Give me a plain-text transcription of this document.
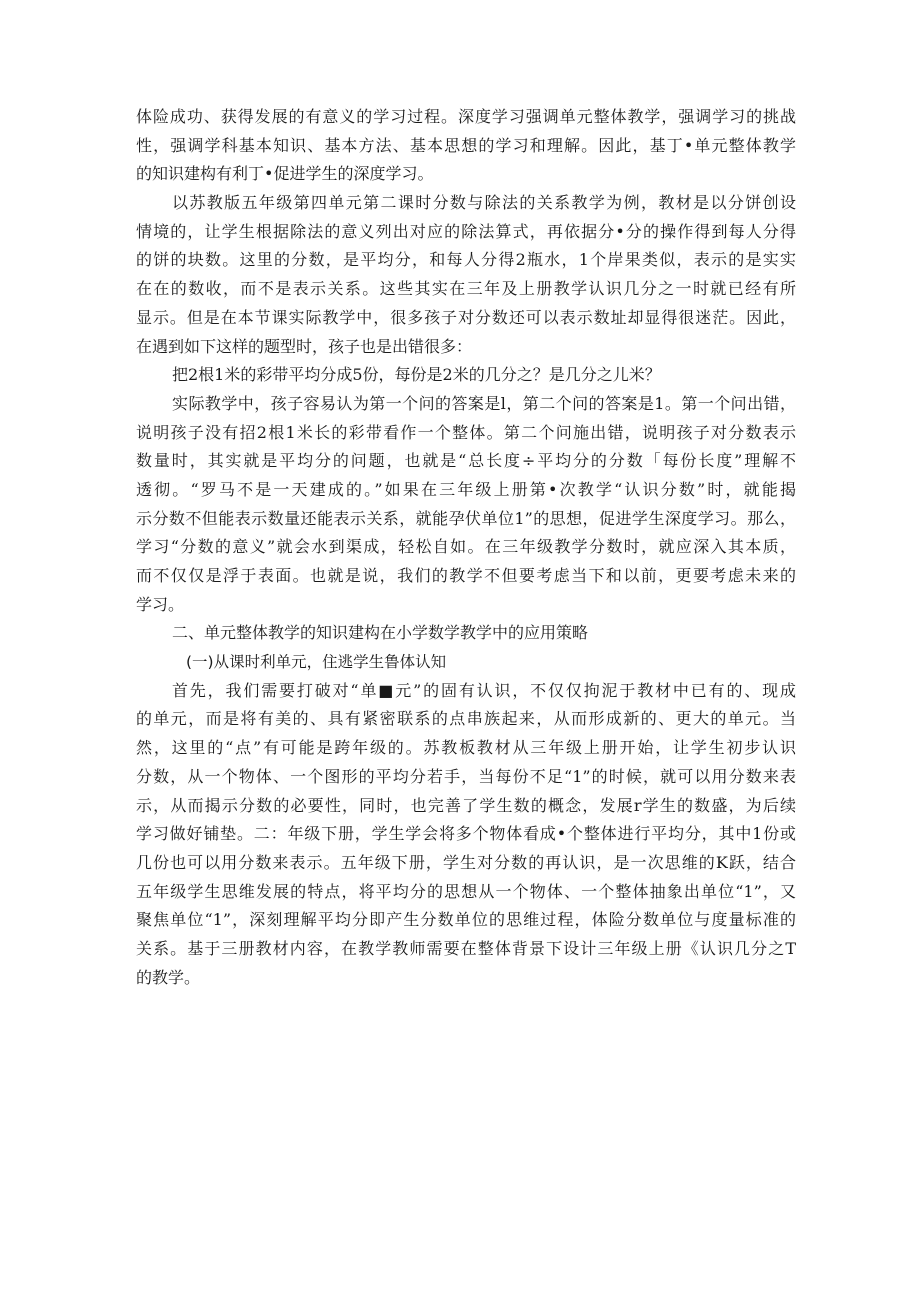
体险成功、获得发展的有意义的学习过程。深度学习强调单元整体教学，强调学习的挑战
性，强调学科基本知识、基本方法、基本思想的学习和理解。因此，基丁•单元整体教学
的知识建构有利丁•促进学生的深度学习。
以苏教版五年级第四单元第二课时分数与除法的关系教学为例，教材是以分饼创设
情境的，让学生根据除法的意义列出对应的除法算式，再依据分•分的操作得到每人分得
的饼的块数。这里的分数，是平均分，和每人分得2瓶水，1个岸果类似，表示的是实实
在在的数收，而不是表示关系。这些其实在三年及上册教学认识几分之一时就已经有所
显示。但是在本节课实际教学中，很多孩子对分数还可以表示数址却显得很迷茫。因此，
在遇到如下这样的题型时，孩子也是出错很多：
把2根1米的彩带平均分成5份，每份是2米的几分之？是几分之儿米？
实际教学中，孩子容易认为第一个问的答案是l，第二个问的答案是1。第一个问出错，
说明孩子没有招2根1米长的彩带看作一个整体。第二个问施出错，说明孩子对分数表示
数量时，其实就是平均分的问题，也就是“总长度÷平均分的分数「每份长度”理解不
透彻。“罗马不是一天建成的。”如果在三年级上册第•次教学“认识分数”时，就能揭
示分数不但能表示数量还能表示关系，就能孕伏单位1”的思想，促进学生深度学习。那么，
学习“分数的意义”就会水到渠成，轻松自如。在三年级教学分数时，就应深入其本质，
而不仅仅是浮于表面。也就是说，我们的教学不但要考虑当下和以前，更要考虑未来的
学习。
二、单元整体教学的知识建构在小学数学教学中的应用策略
(一)从课时利单元，住逃学生鲁体认知
首先，我们需要打破对“单■元”的固有认识，不仅仅拘泥于教材中已有的、现成
的单元，而是将有美的、具有紧密联系的点串族起来，从而形成新的、更大的单元。当
然，这里的“点”有可能是跨年级的。苏教板教材从三年级上册开始，让学生初步认识
分数，从一个物体、一个图形的平均分若手，当每份不足“1”的时候，就可以用分数来表
示，从而揭示分数的必要性，同时，也完善了学生数的概念，发展r学生的数盛，为后续
学习做好铺垫。二：年级下册，学生学会将多个物体看成•个整体进行平均分，其中1份或
几份也可以用分数来表示。五年级下册，学生对分数的再认识，是一次思维的K跃，结合
五年级学生思维发展的特点，将平均分的思想从一个物体、一个整体抽象出单位“1”，又
聚焦单位“1”，深刻理解平均分即产生分数单位的思维过程，体险分数单位与度量标准的
关系。基于三册教材内容，在教学教师需要在整体背景下设计三年级上册《认识几分之T
的教学。
